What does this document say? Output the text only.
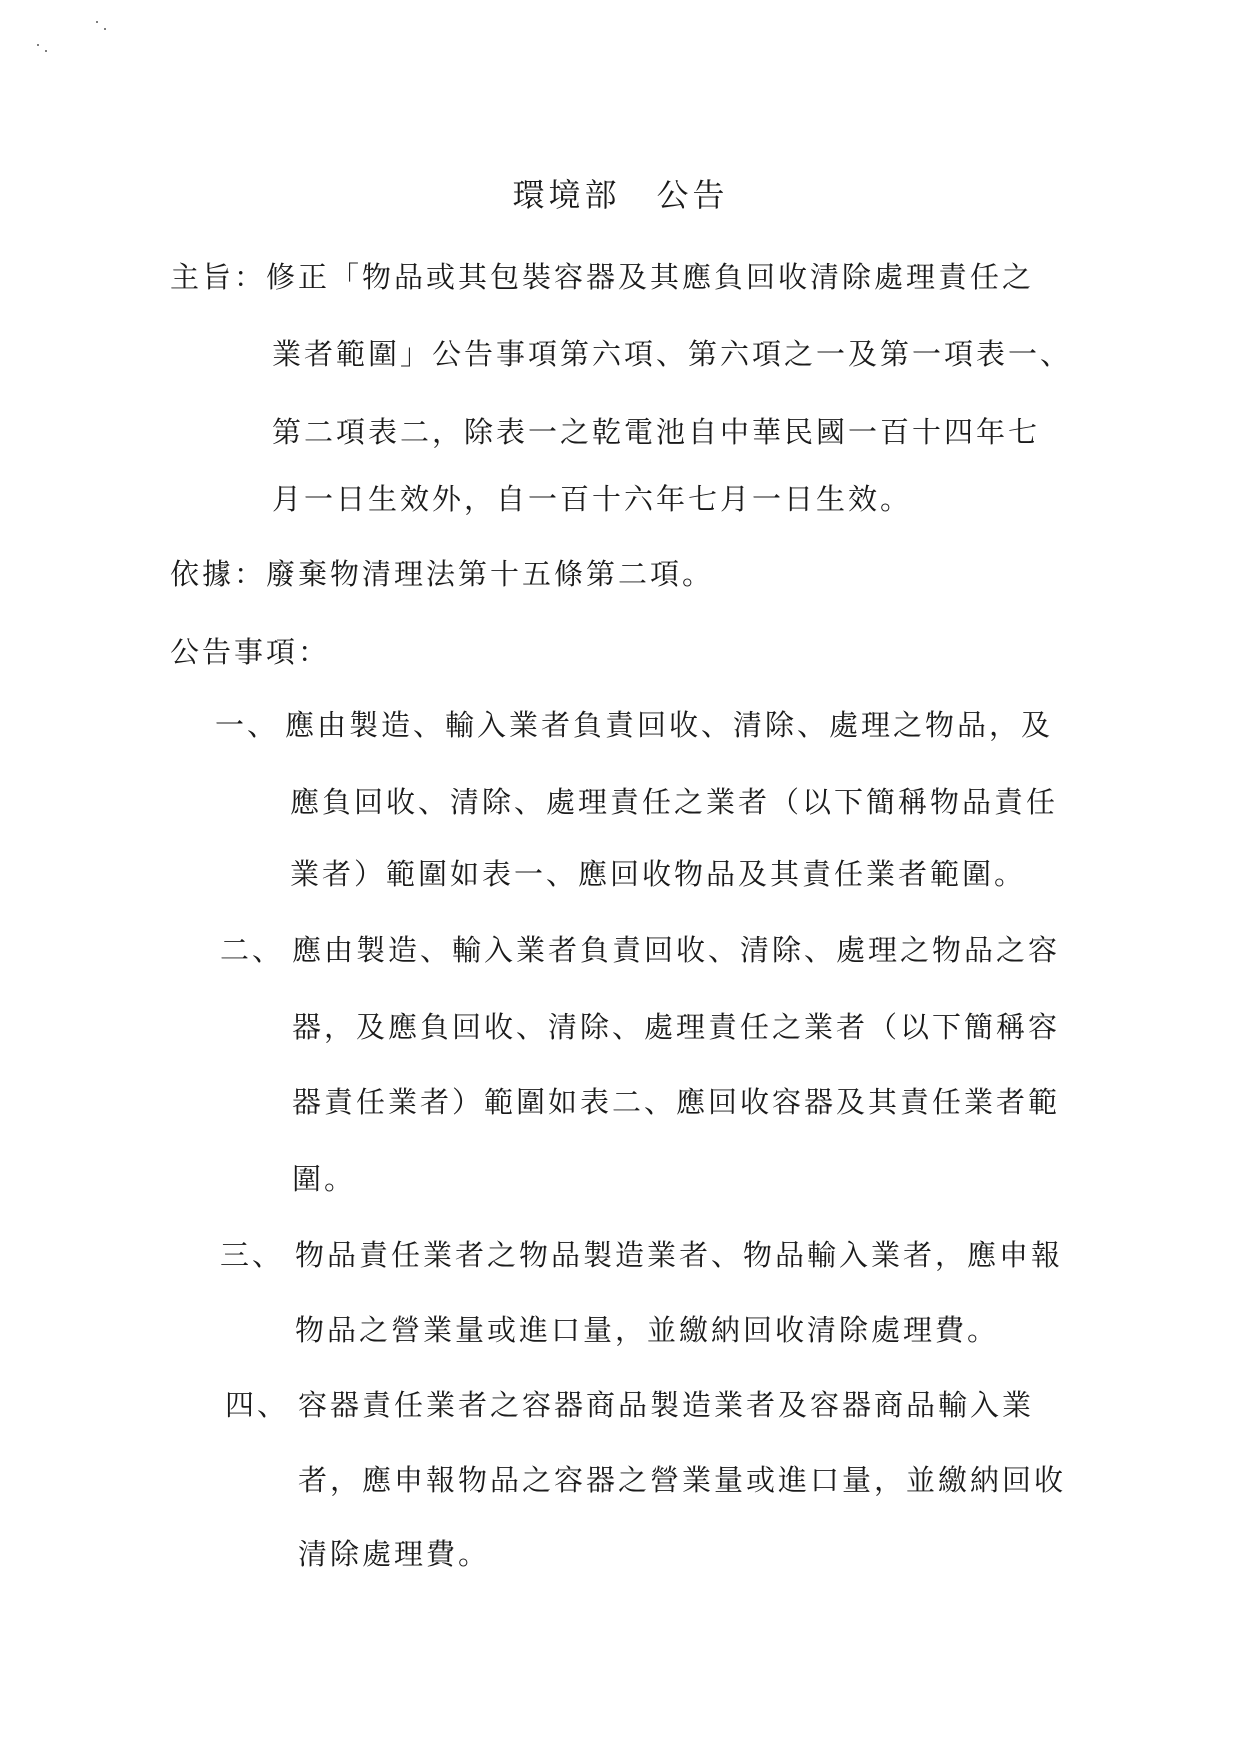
環境部 公告
主旨：修正「物品或其包裝容器及其應負回收清除處理責任之
業者範圍」公告事項第六項、第六項之一及第一項表一、
第二項表二，除表一之乾電池自中華民國一百十四年七
月一日生效外，自一百十六年七月一日生效。
依據：廢棄物清理法第十五條第二項。
公告事項：
一、 應由製造、輸入業者負責回收、清除、處理之物品，及
應負回收、清除、處理責任之業者（以下簡稱物品責任
業者）範圍如表一、應回收物品及其責任業者範圍。
二、 應由製造、輸入業者負責回收、清除、處理之物品之容
器，及應負回收、清除、處理責任之業者（以下簡稱容
器責任業者）範圍如表二、應回收容器及其責任業者範
圍。
三、 物品責任業者之物品製造業者、物品輸入業者，應申報
物品之營業量或進口量，並繳納回收清除處理費。
四、 容器責任業者之容器商品製造業者及容器商品輸入業
者，應申報物品之容器之營業量或進口量，並繳納回收
清除處理費。
